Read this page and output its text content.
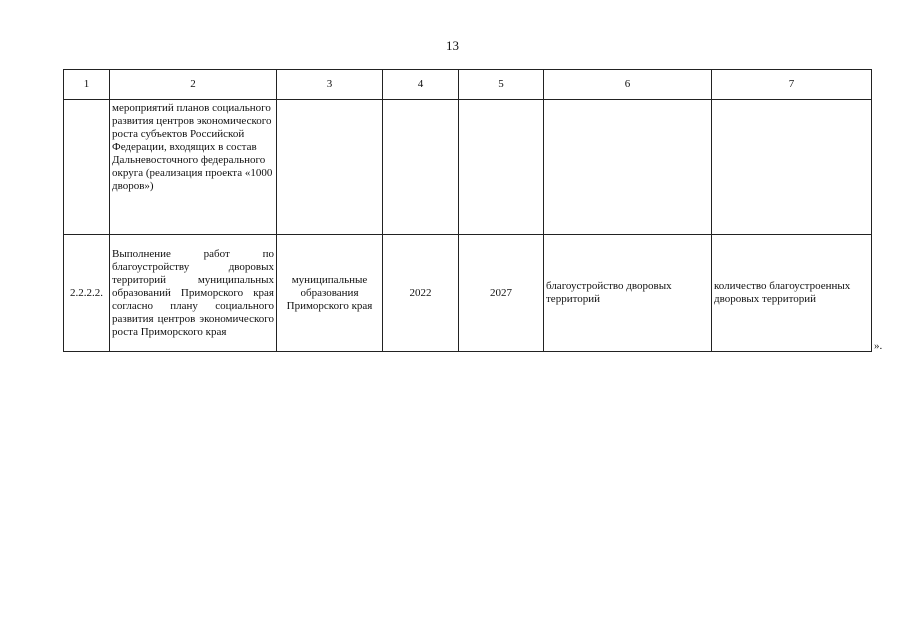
13
1	2	3	4	5	6	7
	мероприятий планов социального развития центров экономического роста субъектов Российской Федерации, входящих в состав Дальневосточного федерального округа (реализация проекта «1000 дворов»)					
2.2.2.2.	Выполнение работ по благоустройству дворовых территорий муниципальных образований Приморского края согласно плану социального развития центров экономического роста Приморского края	муниципальные образования Приморского края	2022	2027	благоустройство дворовых территорий	количество благоустроенных дворовых территорий
».
